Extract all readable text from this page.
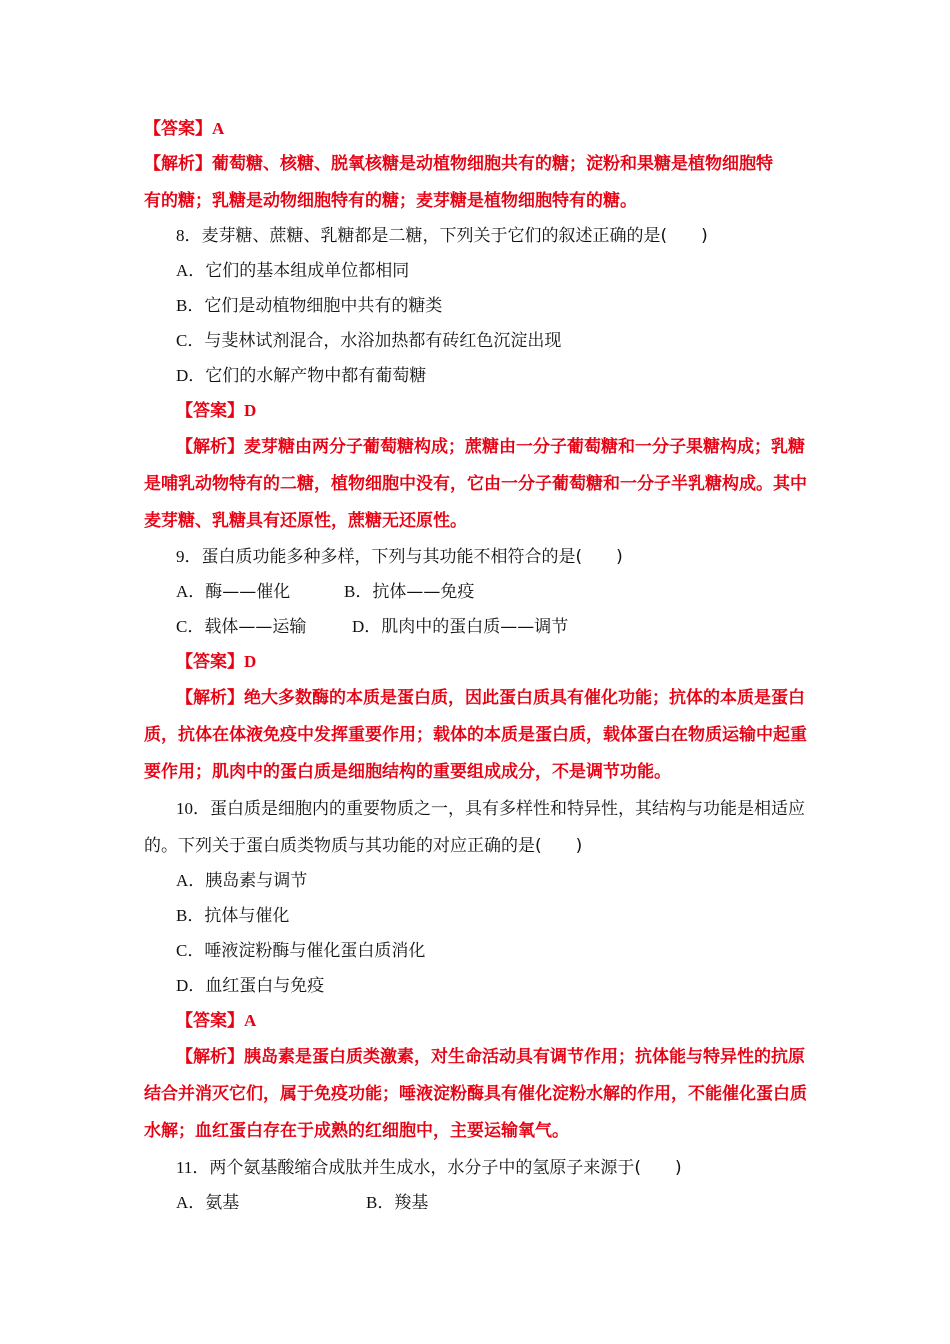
【答案】A
【解析】葡萄糖、核糖、脱氧核糖是动植物细胞共有的糖；淀粉和果糖是植物细胞特
有的糖；乳糖是动物细胞特有的糖；麦芽糖是植物细胞特有的糖。
8．麦芽糖、蔗糖、乳糖都是二糖，下列关于它们的叙述正确的是(　　)
A．它们的基本组成单位都相同
B．它们是动植物细胞中共有的糖类
C．与斐林试剂混合，水浴加热都有砖红色沉淀出现
D．它们的水解产物中都有葡萄糖
【答案】D
【解析】麦芽糖由两分子葡萄糖构成；蔗糖由一分子葡萄糖和一分子果糖构成；乳糖
是哺乳动物特有的二糖，植物细胞中没有，它由一分子葡萄糖和一分子半乳糖构成。其中
麦芽糖、乳糖具有还原性，蔗糖无还原性。
9．蛋白质功能多种多样，下列与其功能不相符合的是(　　)
A．酶——催化	B．抗体——免疫
C．载体——运输	D．肌肉中的蛋白质——调节
【答案】D
【解析】绝大多数酶的本质是蛋白质，因此蛋白质具有催化功能；抗体的本质是蛋白
质，抗体在体液免疫中发挥重要作用；载体的本质是蛋白质，载体蛋白在物质运输中起重
要作用；肌肉中的蛋白质是细胞结构的重要组成成分，不是调节功能。
10．蛋白质是细胞内的重要物质之一，具有多样性和特异性，其结构与功能是相适应
的。下列关于蛋白质类物质与其功能的对应正确的是(　　)
A．胰岛素与调节
B．抗体与催化
C．唾液淀粉酶与催化蛋白质消化
D．血红蛋白与免疫
【答案】A
【解析】胰岛素是蛋白质类激素，对生命活动具有调节作用；抗体能与特异性的抗原
结合并消灭它们，属于免疫功能；唾液淀粉酶具有催化淀粉水解的作用，不能催化蛋白质
水解；血红蛋白存在于成熟的红细胞中，主要运输氧气。
11．两个氨基酸缩合成肽并生成水，水分子中的氢原子来源于(　　)
A．氨基	B．羧基
